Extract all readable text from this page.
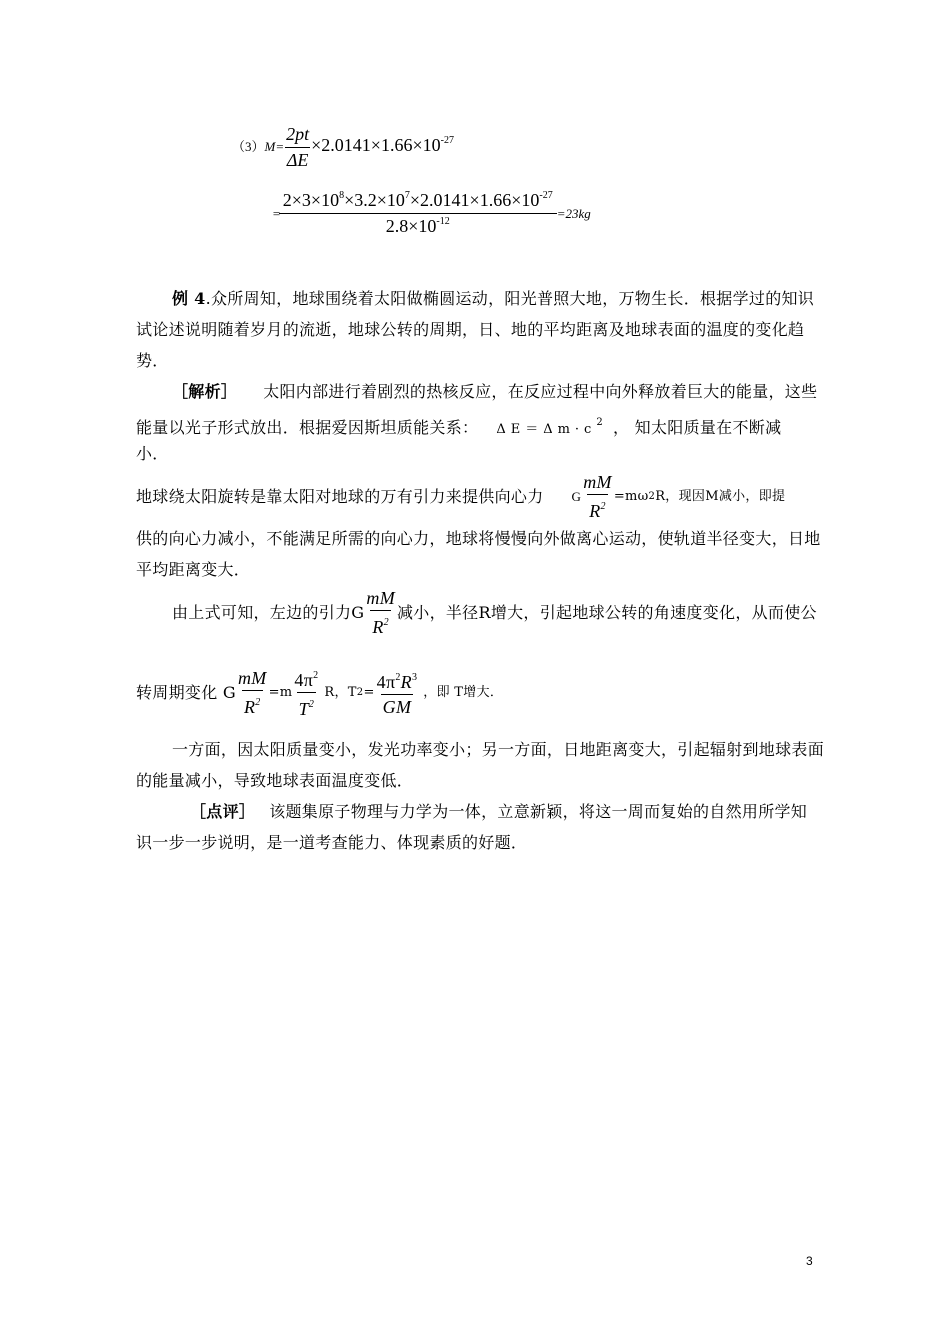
$(3)M= \frac{2pt}{\Delta E} \times 2.0141\times 1.66\times 10^{-27}$
= $\frac{2\times 3\times 10^8\times 3.2\times 10^7\times 2.0141\times 1.66\times 10^{-27}}{2.8\times 10^{-12}} =23kg$
例 4.众所周知，地球围绕着太阳做椭圆运动，阳光普照大地，万物生长．根据学过的知识
试论述说明随着岁月的流逝，地球公转的周期，日、地的平均距离及地球表面的温度的变化趋
势．
［解析］ 太阳内部进行着剧烈的热核反应，在反应过程中向外释放着巨大的能量，这些
能量以光子形式放出．根据爱因斯坦质能关系： $\Delta E=\Delta m\cdot c^2$ ， 知太阳质量在不断减
小．
地球绕太阳旋转是靠太阳对地球的万有引力来提供向心力 G $\frac{mM}{R^2} =m\omega$ 2 R，现因M减小，即提
供的向心力减小，不能满足所需的向心力，地球将慢慢向外做离心运动，使轨道半径变大，日地
平均距离变大．
由上式可知，左边的引力G $\frac{mM}{R^2}$ 减小，半径R增大，引起地球公转的角速度变化，从而使公
转周期变化 G $\frac{mM}{R^2} =m \frac{4\pi^2}{T^2}$ R，T $2 = \frac{4\pi^2R^3}{GM}$ ，即 T增大．
一方面，因太阳质量变小，发光功率变小；另一方面，日地距离变大，引起辐射到地球表面
的能量减小，导致地球表面温度变低．
［点评］ 该题集原子物理与力学为一体，立意新颖，将这一周而复始的自然用所学知
识一步一步说明，是一道考查能力、体现素质的好题．
3
